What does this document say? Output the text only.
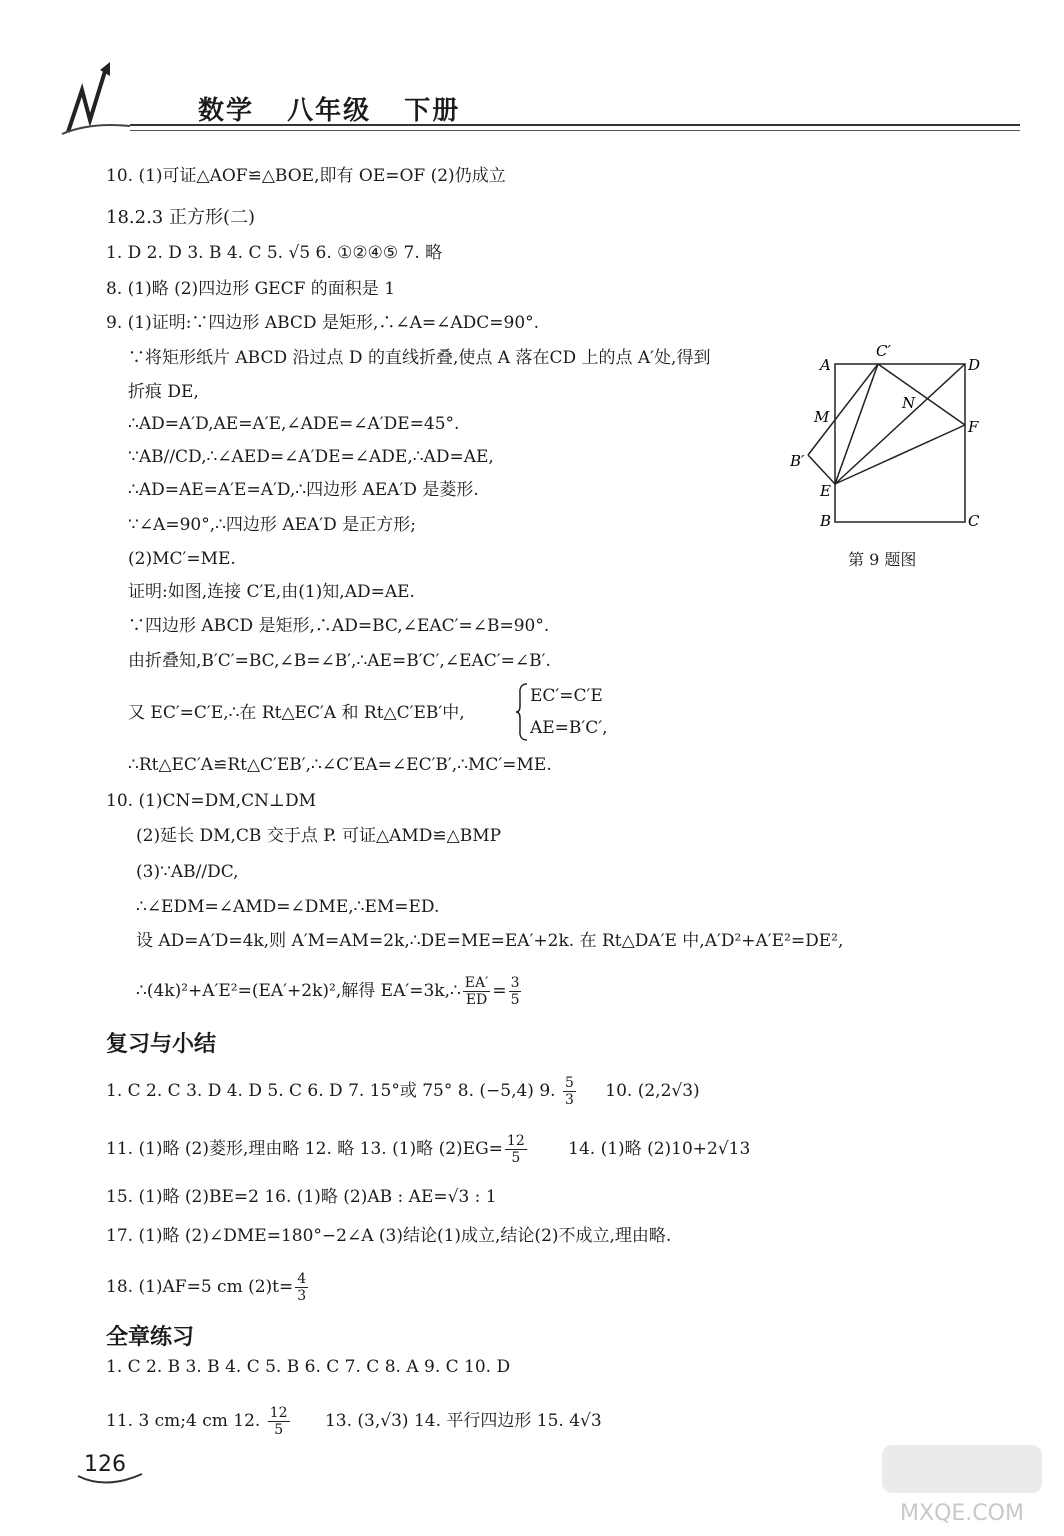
数学   八年级   下册
10. (1)可证△AOF≌△BOE,即有 OE=OF (2)仍成立
18.2.3 正方形(二)
1. D 2. D 3. B 4. C 5. √5 6. ①②④⑤ 7. 略
8. (1)略 (2)四边形 GECF 的面积是 1
9. (1)证明:∵四边形 ABCD 是矩形,∴∠A=∠ADC=90°.
∵将矩形纸片 ABCD 沿过点 D 的直线折叠,使点 A 落在CD 上的点 A′处,得到
折痕 DE,
∴AD=A′D,AE=A′E,∠ADE=∠A′DE=45°.
∵AB//CD,∴∠AED=∠A′DE=∠ADE,∴AD=AE,
∴AD=AE=A′E=A′D,∴四边形 AEA′D 是菱形.
∵∠A=90°,∴四边形 AEA′D 是正方形;
(2)MC′=ME.
证明:如图,连接 C′E,由(1)知,AD=AE.
∵四边形 ABCD 是矩形,∴AD=BC,∠EAC′=∠B=90°.
由折叠知,B′C′=BC,∠B=∠B′,∴AE=B′C′,∠EAC′=∠B′.
又 EC′=C′E,∴在 Rt△EC′A 和 Rt△C′EB′中,
EC′=C′E
AE=B′C′,
∴Rt△EC′A≌Rt△C′EB′,∴∠C′EA=∠EC′B′,∴MC′=ME.
10. (1)CN=DM,CN⊥DM
(2)延长 DM,CB 交于点 P. 可证△AMD≌△BMP
(3)∵AB//DC,
∴∠EDM=∠AMD=∠DME,∴EM=ED.
设 AD=A′D=4k,则 A′M=AM=2k,∴DE=ME=EA′+2k. 在 Rt△DA′E 中,A′D²+A′E²=DE²,
∴(4k)²+A′E²=(EA′+2k)²,解得 EA′=3k,∴ $\frac{EA'}{ED} = \frac{3}{5}$
复习与小结
1. C 2. C 3. D 4. D 5. C 6. D 7. 15°或 75° 8. (−5,4) 9. $\frac{5}{3} 10$. (2,2√3)
11. (1)略 (2)菱形,理由略 12. 略 13. (1)略 $(2)EG= \frac{12}{5} 14$. (1)略 (2)10+2√13
15. (1)略 (2)BE=2 16. (1)略 (2)AB : AE=√3 : 1
17. (1)略 (2)∠DME=180°−2∠A (3)结论(1)成立,结论(2)不成立,理由略.
18. (1)AF=5 cm $(2)t= \frac{4}{3}$
全章练习
1. C 2. B 3. B 4. C 5. B 6. C 7. C 8. A 9. C 10. D
11. 3 cm;4 cm 12. $\frac{12}{5} 13$. (3,√3) 14. 平行四边形 15. 4√3
A
C′
D
M
N
F
B′
E
B	C
第 9 题图
126
MXQE.COM
